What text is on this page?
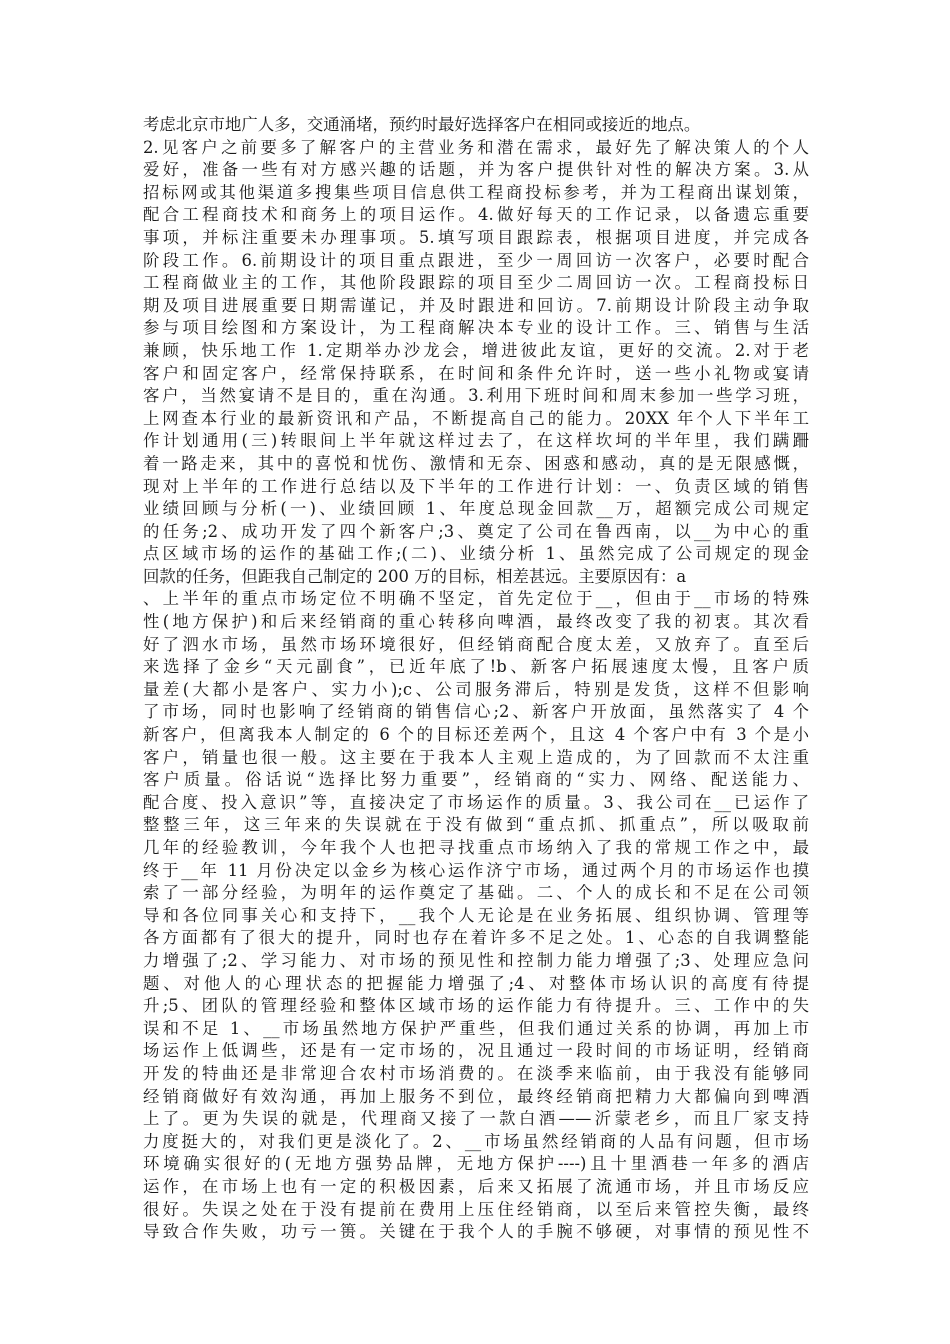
考虑北京市地广人多，交通涌堵，预约时最好选择客户在相同或接近的地点。
2.见客户之前要多了解客户的主营业务和潜在需求，最好先了解决策人的个人
爱好，准备一些有对方感兴趣的话题，并为客户提供针对性的解决方案。3.从
招标网或其他渠道多搜集些项目信息供工程商投标参考，并为工程商出谋划策，
配合工程商技术和商务上的项目运作。4.做好每天的工作记录，以备遗忘重要
事项，并标注重要未办理事项。5.填写项目跟踪表，根据项目进度，并完成各
阶段工作。6.前期设计的项目重点跟进，至少一周回访一次客户，必要时配合
工程商做业主的工作，其他阶段跟踪的项目至少二周回访一次。工程商投标日
期及项目进展重要日期需谨记，并及时跟进和回访。7.前期设计阶段主动争取
参与项目绘图和方案设计，为工程商解决本专业的设计工作。三、销售与生活
兼顾，快乐地工作 1.定期举办沙龙会，增进彼此友谊，更好的交流。2.对于老
客户和固定客户，经常保持联系，在时间和条件允许时，送一些小礼物或宴请
客户，当然宴请不是目的，重在沟通。3.利用下班时间和周末参加一些学习班，
上网查本行业的最新资讯和产品，不断提高自己的能力。20XX 年个人下半年工
作计划通用(三)转眼间上半年就这样过去了，在这样坎坷的半年里，我们蹒跚
着一路走来，其中的喜悦和忧伤、激情和无奈、困惑和感动，真的是无限感慨，
现对上半年的工作进行总结以及下半年的工作进行计划：一、负责区域的销售
业绩回顾与分析(一)、业绩回顾 1、年度总现金回款__万，超额完成公司规定
的任务;2、成功开发了四个新客户;3、奠定了公司在鲁西南，以__为中心的重
点区域市场的运作的基础工作;(二)、业绩分析 1、虽然完成了公司规定的现金
回款的任务，但距我自己制定的 200 万的目标，相差甚远。主要原因有：a
、上半年的重点市场定位不明确不坚定，首先定位于__，但由于__市场的特殊
性(地方保护)和后来经销商的重心转移向啤酒，最终改变了我的初衷。其次看
好了泗水市场，虽然市场环境很好，但经销商配合度太差，又放弃了。直至后
来选择了金乡“天元副食”，已近年底了!b、新客户拓展速度太慢，且客户质
量差(大都小是客户、实力小);c、公司服务滞后，特别是发货，这样不但影响
了市场，同时也影响了经销商的销售信心;2、新客户开放面，虽然落实了 4 个
新客户，但离我本人制定的 6 个的目标还差两个，且这 4 个客户中有 3 个是小
客户，销量也很一般。这主要在于我本人主观上造成的，为了回款而不太注重
客户质量。俗话说“选择比努力重要”，经销商的“实力、网络、配送能力、
配合度、投入意识”等，直接决定了市场运作的质量。3、我公司在__已运作了
整整三年，这三年来的失误就在于没有做到“重点抓、抓重点”，所以吸取前
几年的经验教训，今年我个人也把寻找重点市场纳入了我的常规工作之中，最
终于__年 11 月份决定以金乡为核心运作济宁市场，通过两个月的市场运作也摸
索了一部分经验，为明年的运作奠定了基础。二、个人的成长和不足在公司领
导和各位同事关心和支持下，__我个人无论是在业务拓展、组织协调、管理等
各方面都有了很大的提升，同时也存在着许多不足之处。1、心态的自我调整能
力增强了;2、学习能力、对市场的预见性和控制力能力增强了;3、处理应急问
题、对他人的心理状态的把握能力增强了;4、对整体市场认识的高度有待提
升;5、团队的管理经验和整体区域市场的运作能力有待提升。三、工作中的失
误和不足 1、__市场虽然地方保护严重些，但我们通过关系的协调，再加上市
场运作上低调些，还是有一定市场的，况且通过一段时间的市场证明，经销商
开发的特曲还是非常迎合农村市场消费的。在淡季来临前，由于我没有能够同
经销商做好有效沟通，再加上服务不到位，最终经销商把精力大都偏向到啤酒
上了。更为失误的就是，代理商又接了一款白酒——沂蒙老乡，而且厂家支持
力度挺大的，对我们更是淡化了。2、__市场虽然经销商的人品有问题，但市场
环境确实很好的(无地方强势品牌，无地方保护----)且十里酒巷一年多的酒店
运作，在市场上也有一定的积极因素，后来又拓展了流通市场，并且市场反应
很好。失误之处在于没有提前在费用上压住经销商，以至后来管控失衡，最终
导致合作失败，功亏一篑。关键在于我个人的手腕不够硬，对事情的预见性不
